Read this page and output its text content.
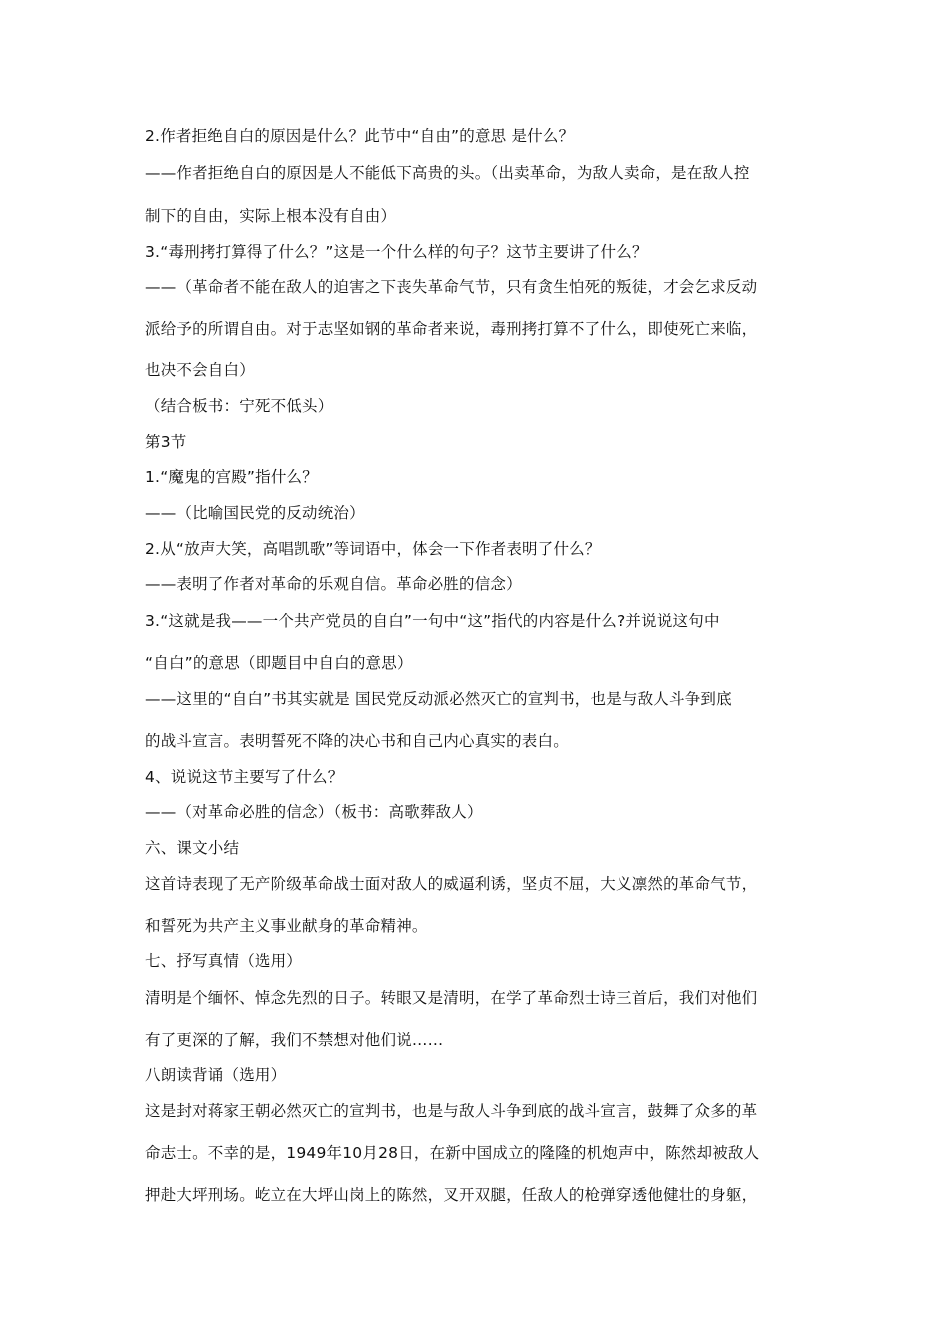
2.作者拒绝自白的原因是什么？此节中“自由”的意思 是什么？
——作者拒绝自白的原因是人不能低下高贵的头。（出卖革命，为敌人卖命，是在敌人控
制下的自由，实际上根本没有自由）
3.“毒刑拷打算得了什么？”这是一个什么样的句子？这节主要讲了什么？
——（革命者不能在敌人的迫害之下丧失革命气节，只有贪生怕死的叛徒，才会乞求反动
派给予的所谓自由。对于志坚如钢的革命者来说，毒刑拷打算不了什么，即使死亡来临，
也决不会自白）
（结合板书：宁死不低头）
第3节
1.“魔鬼的宫殿”指什么？
——（比喻国民党的反动统治）
2.从“放声大笑，高唱凯歌”等词语中，体会一下作者表明了什么？
——表明了作者对革命的乐观自信。革命必胜的信念）
3.“这就是我——一个共产党员的自白”一句中“这”指代的内容是什么?并说说这句中
“自白”的意思（即题目中自白的意思）
——这里的“自白”书其实就是 国民党反动派必然灭亡的宣判书，也是与敌人斗争到底
的战斗宣言。表明誓死不降的决心书和自己内心真实的表白。
4、说说这节主要写了什么？
——（对革命必胜的信念）（板书：高歌葬敌人）
六、课文小结
这首诗表现了无产阶级革命战士面对敌人的威逼利诱，坚贞不屈，大义凛然的革命气节，
和誓死为共产主义事业献身的革命精神。
七、抒写真情（选用）
清明是个缅怀、悼念先烈的日子。转眼又是清明，在学了革命烈士诗三首后，我们对他们
有了更深的了解，我们不禁想对他们说……
八朗读背诵（选用）
这是封对蒋家王朝必然灭亡的宣判书，也是与敌人斗争到底的战斗宣言，鼓舞了众多的革
命志士。不幸的是，1949年10月28日，在新中国成立的隆隆的机炮声中，陈然却被敌人
押赴大坪刑场。屹立在大坪山岗上的陈然，叉开双腿，任敌人的枪弹穿透他健壮的身躯，
